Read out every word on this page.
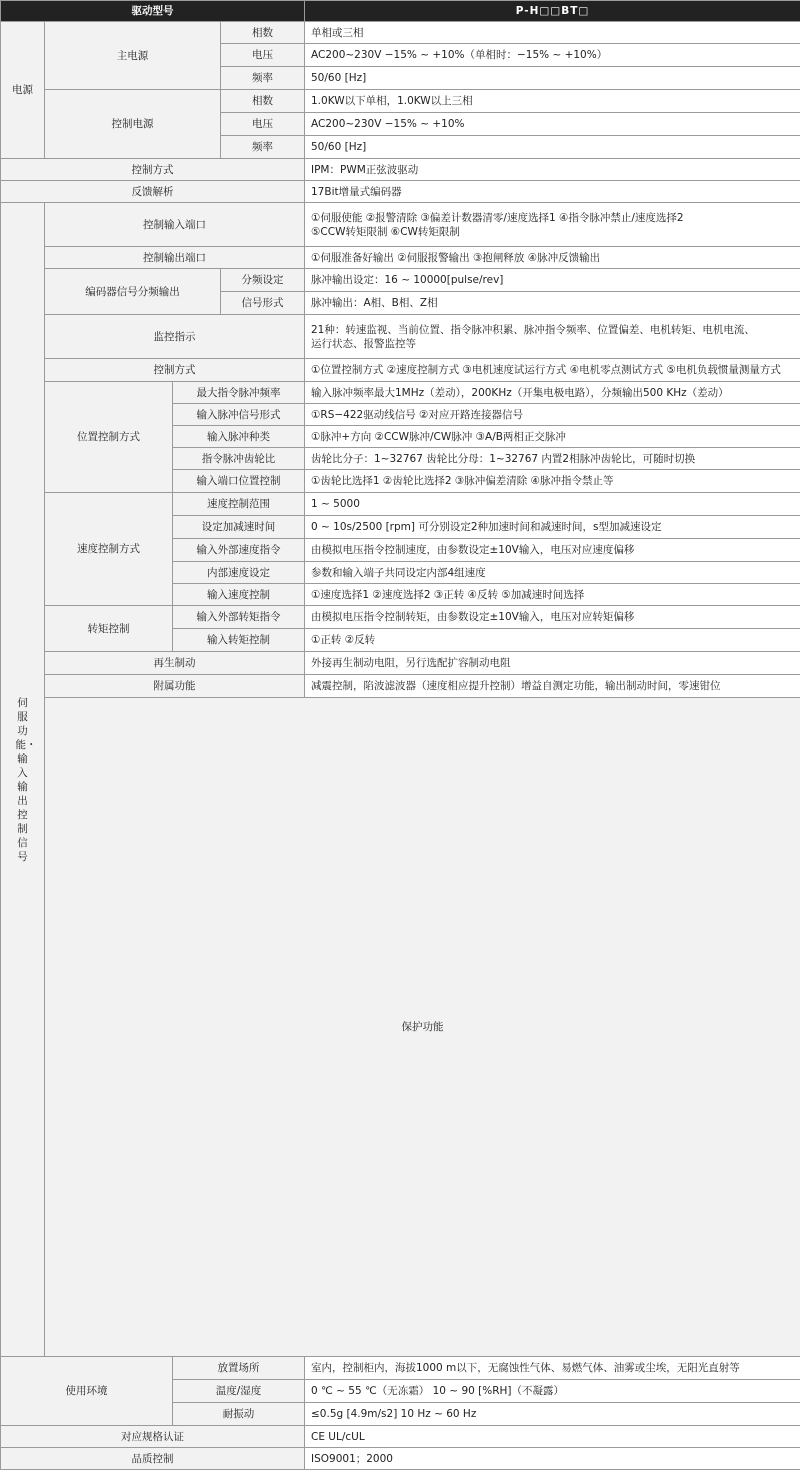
驱动型号				P-H□□BT□	
电源	主电源		相数	单相或三相	
			电压	AC200~230V −15% ~ +10%（单相时：−15% ~ +10%）	
			频率	50/60 [Hz]	
	控制电源		相数	1.0KW以下单相，1.0KW以上三相	
			电压	AC200~230V −15% ~ +10%	
			频率	50/60 [Hz]	
控制方式				IPM：PWM正弦波驱动	
反馈解析				17Bit增量式编码器	
伺服功能・输入输出控制信号	控制输入端口			①伺服使能 ②报警清除 ③偏差计数器清零/速度选择1 ④指令脉冲禁止/速度选择2
⑤CCW转矩限制 ⑥CW转矩限制	

	控制输出端口			①伺服准备好输出 ②伺服报警输出 ③抱闸释放 ④脉冲反馈输出	
	编码器信号分频输出		分频设定	脉冲输出设定：16 ~ 10000[pulse/rev]	
			信号形式	脉冲输出：A相、B相、Z相	
	监控指示			21种：转速监视、当前位置、指令脉冲积累、脉冲指令频率、位置偏差、电机转矩、电机电流、
运行状态、报警监控等	

	控制方式			①位置控制方式 ②速度控制方式 ③电机速度试运行方式 ④电机零点测试方式 ⑤电机负载惯量测量方式	
	位置控制方式	最大指令脉冲频率		输入脉冲频率最大1MHz（差动），200KHz（开集电极电路），分频输出500 KHz（差动）	
		输入脉冲信号形式		①RS−422驱动线信号 ②对应开路连接器信号	
		输入脉冲种类		①脉冲+方向 ②CCW脉冲/CW脉冲 ③A/B两相正交脉冲	
		指令脉冲齿轮比		齿轮比分子：1~32767 齿轮比分母：1~32767 内置2相脉冲齿轮比，可随时切换	
		输入端口位置控制		①齿轮比选择1 ②齿轮比选择2 ③脉冲偏差清除 ④脉冲指令禁止等	
	速度控制方式	速度控制范围		1 ~ 5000	
		设定加减速时间		0 ~ 10s/2500 [rpm] 可分别设定2种加速时间和减速时间，s型加减速设定	
		输入外部速度指令		由模拟电压指令控制速度，由参数设定±10V输入，电压对应速度偏移	
		内部速度设定		参数和输入端子共同设定内部4组速度	
		输入速度控制		①速度选择1 ②速度选择2 ③正转 ④反转 ⑤加减速时间选择	
	转矩控制	输入外部转矩指令		由模拟电压指令控制转矩，由参数设定±10V输入，电压对应转矩偏移	
		输入转矩控制		①正转 ②反转	
	再生制动			外接再生制动电阻，另行选配扩容制动电阻	
	附属功能			减震控制，陷波滤波器（速度相应提升控制）增益自测定功能，输出制动时间，零速钳位	
	保护功能	

使用环境		放置场所		室内，控制柜内，海拔1000 m以下，无腐蚀性气体、易燃气体、油雾或尘埃，无阳光直射等	
		温度/湿度		0 ℃ ~ 55 ℃（无冻霜） 10 ~ 90 [%RH]（不凝露）	
		耐振动		≤0.5g [4.9m/s2] 10 Hz ~ 60 Hz	
对应规格认证				CE UL/cUL	
品质控制				ISO9001；2000	
